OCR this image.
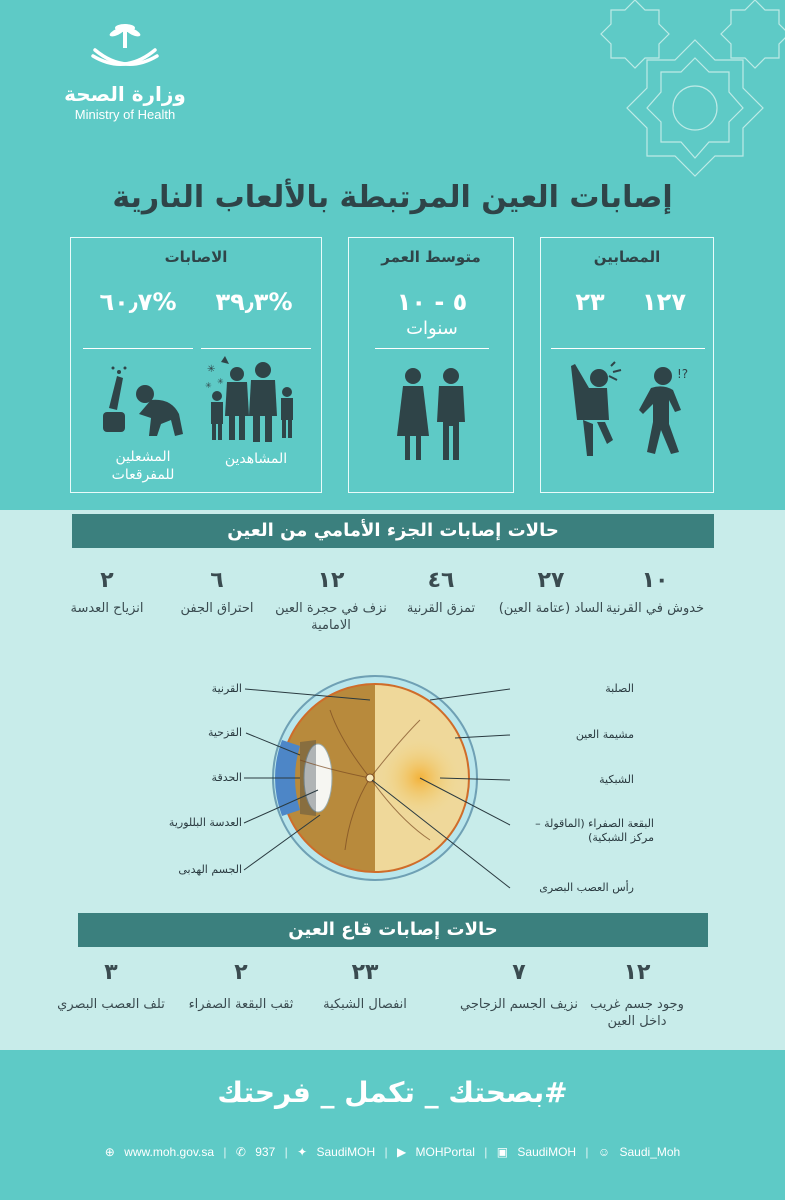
وزارة الصحة
Ministry of Health
إصابات العين المرتبطة بالألعاب النارية
المصابين
١٢٧
٢٣
!?
متوسط العمر
٥ - ١٠
سنوات
الاصابات
%٣٩٫٣
%٦٠٫٧
✳
✳ ✳
المشاهدين
المشعلين للمفرقعات
حالات إصابات الجزء الأمامي من العين
١٠
خدوش في القرنية
٢٧
الساد (عتامة العين)
٤٦
تمزق القرنية
١٢
نزف في حجرة العين الامامية
٦
احتراق الجفن
٢
انزياح العدسة
القرنية
القزحية
الحدقة
العدسة البللورية
الجسم الهدبى
الصلبة
مشيمة العين
الشبكية
البقعة الصفراء (الماقولة – مركز الشبكية)
رأس العصب البصرى
حالات إصابات قاع العين
١٢
وجود جسم غريب داخل العين
٧
نزيف الجسم الزجاجي
٢٣
انفصال الشبكية
٢
ثقب البقعة الصفراء
٣
تلف العصب البصري
#بصحتك _ تكمل _ فرحتك
⊕ www.moh.gov.sa | ✆ 937 | ✦ SaudiMOH | ▶ MOHPortal | ▣ SaudiMOH | ☺ Saudi_Moh
